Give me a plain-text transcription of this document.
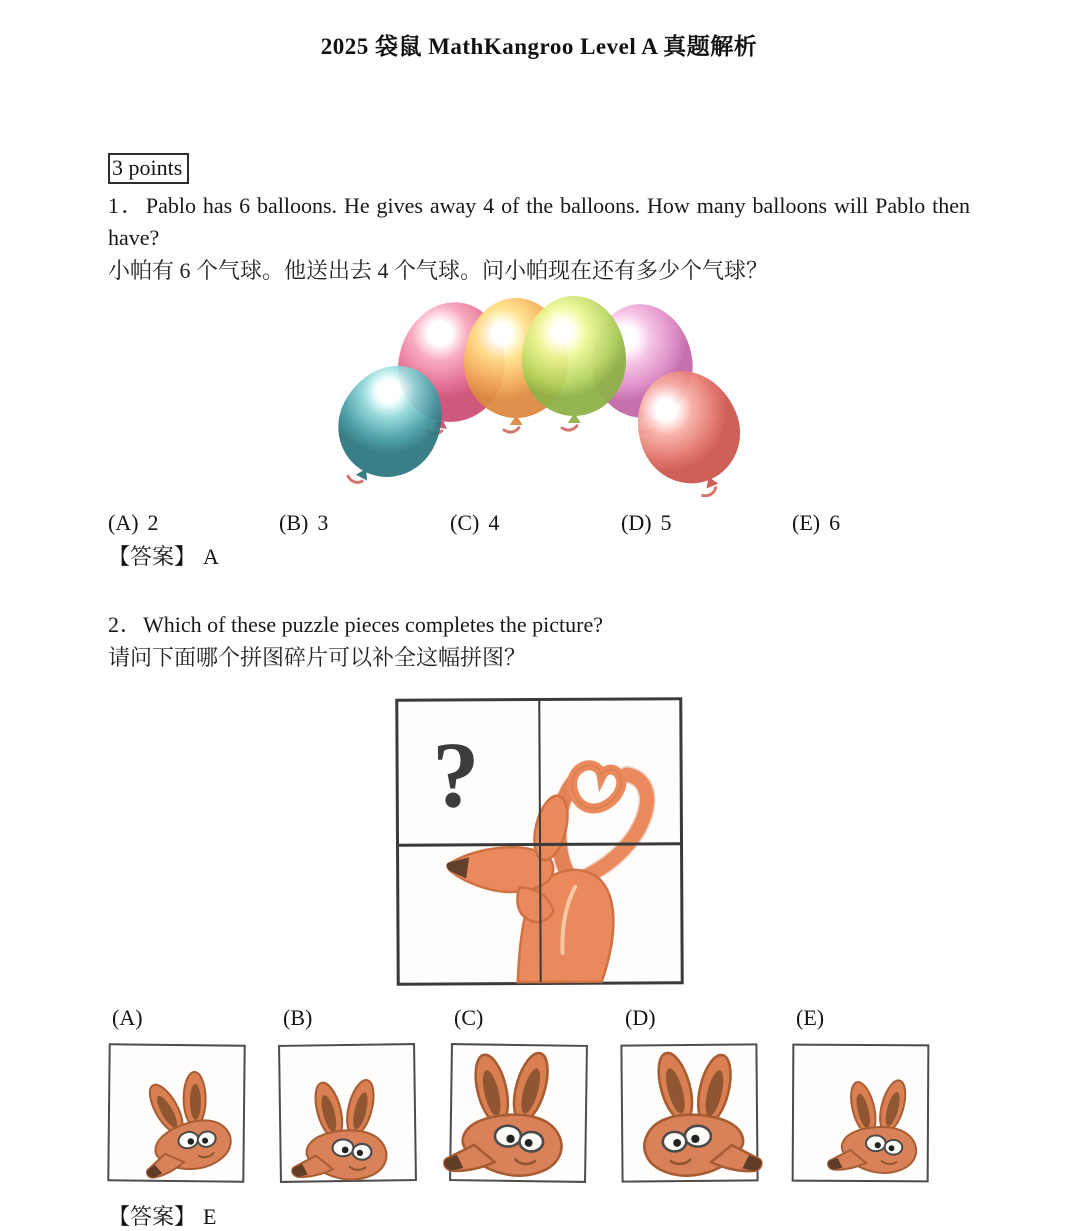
2025 袋鼠 MathKangroo Level A 真题解析
3 points

1．Pablo has 6 balloons. He gives away 4 of the balloons. How many balloons will Pablo then have?

小帕有 6 个气球。他送出去 4 个气球。问小帕现在还有多少个气球？

(A) 2	(B) 3	(C) 4	(D) 5	(E) 6

【答案】 A

2．Which of these puzzle pieces completes the picture?

请问下面哪个拼图碎片可以补全这幅拼图？

?
(A)	(B)	(C)	(D)	(E)

【答案】 E
